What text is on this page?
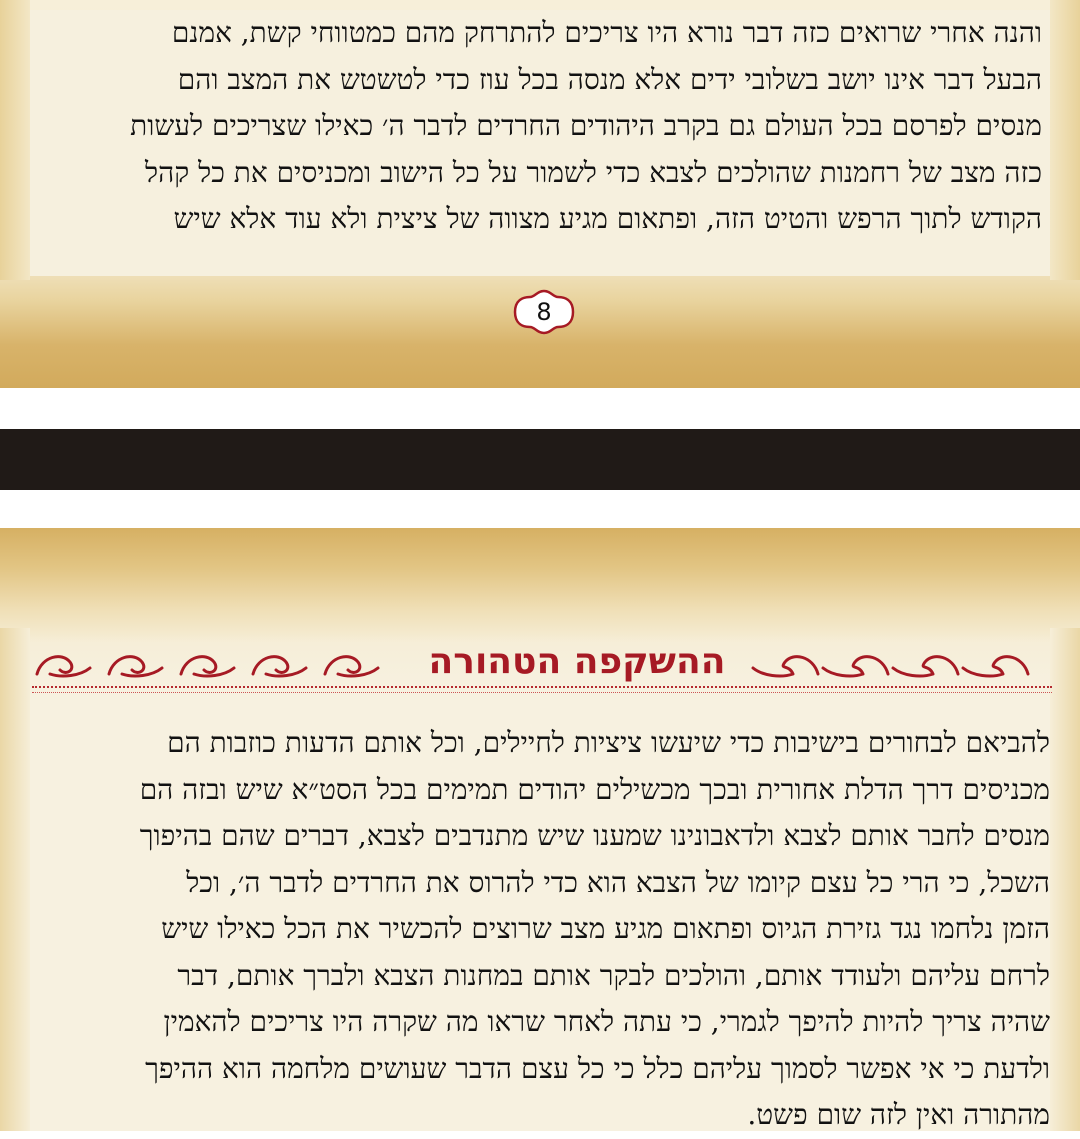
והנה אחרי שרואים כזה דבר נורא היו צריכים להתרחק מהם כמטווחי קשת, אמנם
הבעל דבר אינו יושב בשלובי ידים אלא מנסה בכל עוז כדי לטשטש את המצב והם
מנסים לפרסם בכל העולם גם בקרב היהודים החרדים לדבר ה׳ כאילו שצריכים לעשות
כזה מצב של רחמנות שהולכים לצבא כדי לשמור על כל הישוב ומכניסים את כל קהל
הקודש לתוך הרפש והטיט הזה, ופתאום מגיע מצווה של ציצית ולא עוד אלא שיש
8
ההשקפה הטהורה
להביאם לבחורים בישיבות כדי שיעשו ציציות לחיילים, וכל אותם הדעות כוזבות הם
מכניסים דרך הדלת אחורית ובכך מכשילים יהודים תמימים בכל הסט״א שיש ובזה הם
מנסים לחבר אותם לצבא ולדאבונינו שמענו שיש מתנדבים לצבא, דברים שהם בהיפוך
השכל, כי הרי כל עצם קיומו של הצבא הוא כדי להרוס את החרדים לדבר ה׳, וכל
הזמן נלחמו נגד גזירת הגיוס ופתאום מגיע מצב שרוצים להכשיר את הכל כאילו שיש
לרחם עליהם ולעודד אותם, והולכים לבקר אותם במחנות הצבא ולברך אותם, דבר
שהיה צריך להיות להיפך לגמרי, כי עתה לאחר שראו מה שקרה היו צריכים להאמין
ולדעת כי אי אפשר לסמוך עליהם כלל כי כל עצם הדבר שעושים מלחמה הוא ההיפך
מהתורה ואין לזה שום פשט.
